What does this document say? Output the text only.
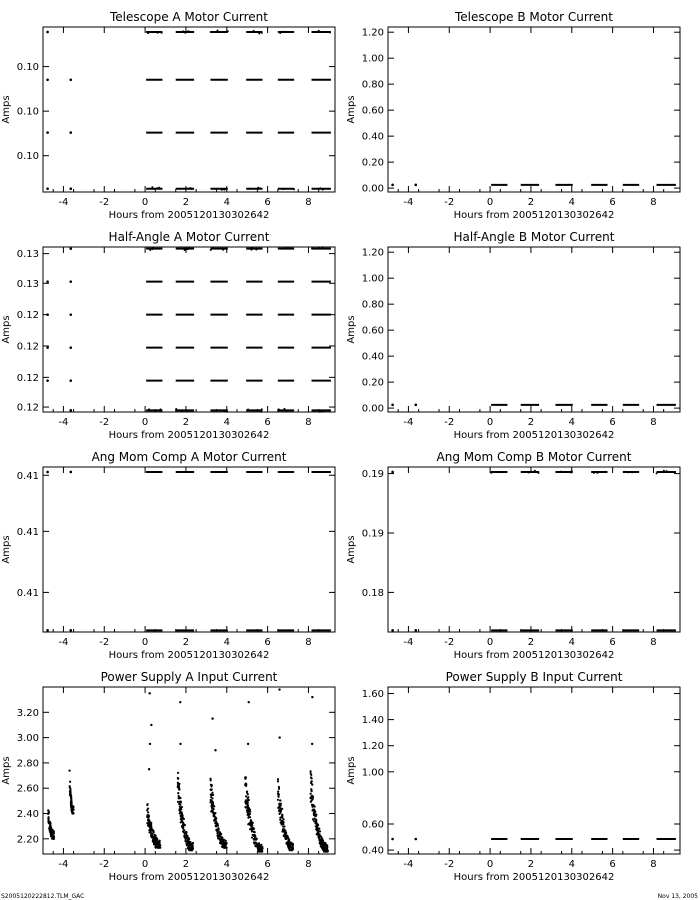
Telescope A Motor Current
-4	-2	0	2	4	6	8
Hours from 2005120130302642
0.10
0.10
0.10
Amps
Telescope B Motor Current
-4	-2	0	2	4	6	8
Hours from 2005120130302642
0.00
0.20
0.40
0.60
0.80
1.00
1.20
Amps
Half-Angle A Motor Current
-4	-2	0	2	4	6	8
Hours from 2005120130302642
0.12
0.12
0.12
0.12
0.13
0.13
Amps
Half-Angle B Motor Current
-4	-2	0	2	4	6	8
Hours from 2005120130302642
0.00
0.20
0.40
0.60
0.80
1.00
1.20
Amps
Ang Mom Comp A Motor Current
-4	-2	0	2	4	6	8
Hours from 2005120130302642
0.41
0.41
0.41
Amps
Ang Mom Comp B Motor Current
-4	-2	0	2	4	6	8
Hours from 2005120130302642
0.18
0.19
0.19
Amps
Power Supply A Input Current
-4	-2	0	2	4	6	8
Hours from 2005120130302642
2.20
2.40
2.60
2.80
3.00
3.20
Amps
Power Supply B Input Current
-4	-2	0	2	4	6	8
Hours from 2005120130302642
0.40
0.60
1.00
1.20
1.40
1.60
Amps
S2005120222812.TLM_GAC	Nov 13, 2005
